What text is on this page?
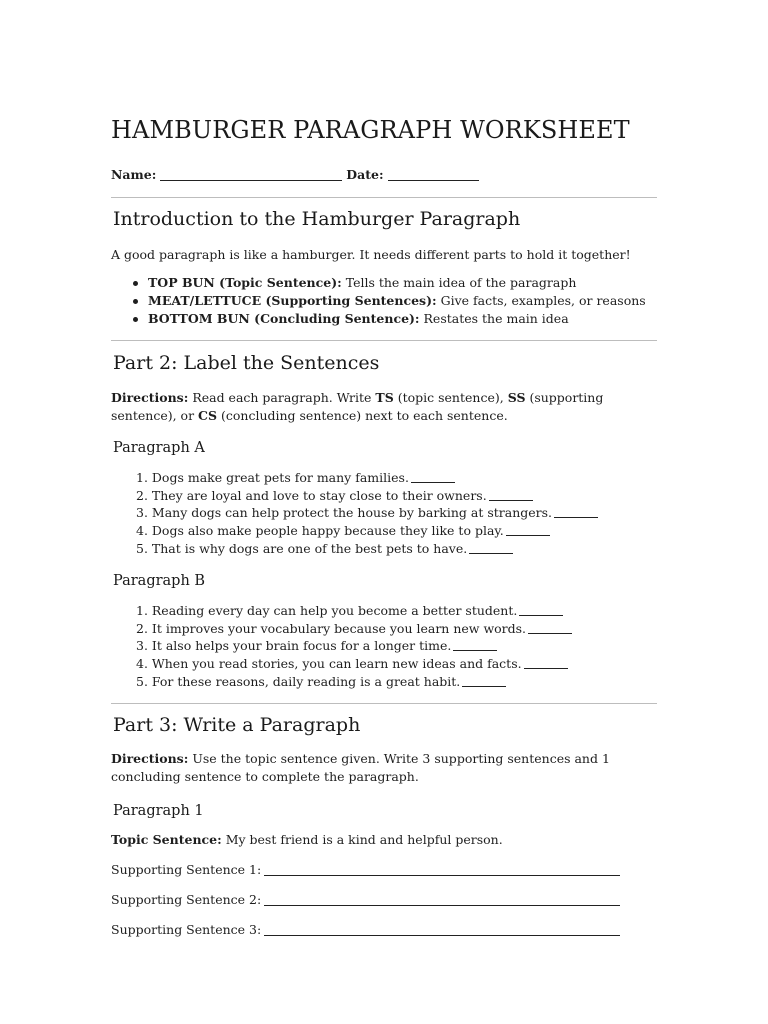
HAMBURGER PARAGRAPH WORKSHEET
Name:	Date:
Introduction to the Hamburger Paragraph

A good paragraph is like a hamburger. It needs different parts to hold it together!

TOP BUN (Topic Sentence): Tells the main idea of the paragraph
MEAT/LETTUCE (Supporting Sentences): Give facts, examples, or reasons
BOTTOM BUN (Concluding Sentence): Restates the main idea
Part 2: Label the Sentences

Directions: Read each paragraph. Write TS (topic sentence), SS (supporting sentence), or CS (concluding sentence) next to each sentence.

Paragraph A
1. Dogs make great pets for many families.
2. They are loyal and love to stay close to their owners.
3. Many dogs can help protect the house by barking at strangers.
4. Dogs also make people happy because they like to play.
5. That is why dogs are one of the best pets to have.
Paragraph B
1. Reading every day can help you become a better student.
2. It improves your vocabulary because you learn new words.
3. It also helps your brain focus for a longer time.
4. When you read stories, you can learn new ideas and facts.
5. For these reasons, daily reading is a great habit.
Part 3: Write a Paragraph

Directions: Use the topic sentence given. Write 3 supporting sentences and 1 concluding sentence to complete the paragraph.

Paragraph 1

Topic Sentence: My best friend is a kind and helpful person.

Supporting Sentence 1:
Supporting Sentence 2:
Supporting Sentence 3:
